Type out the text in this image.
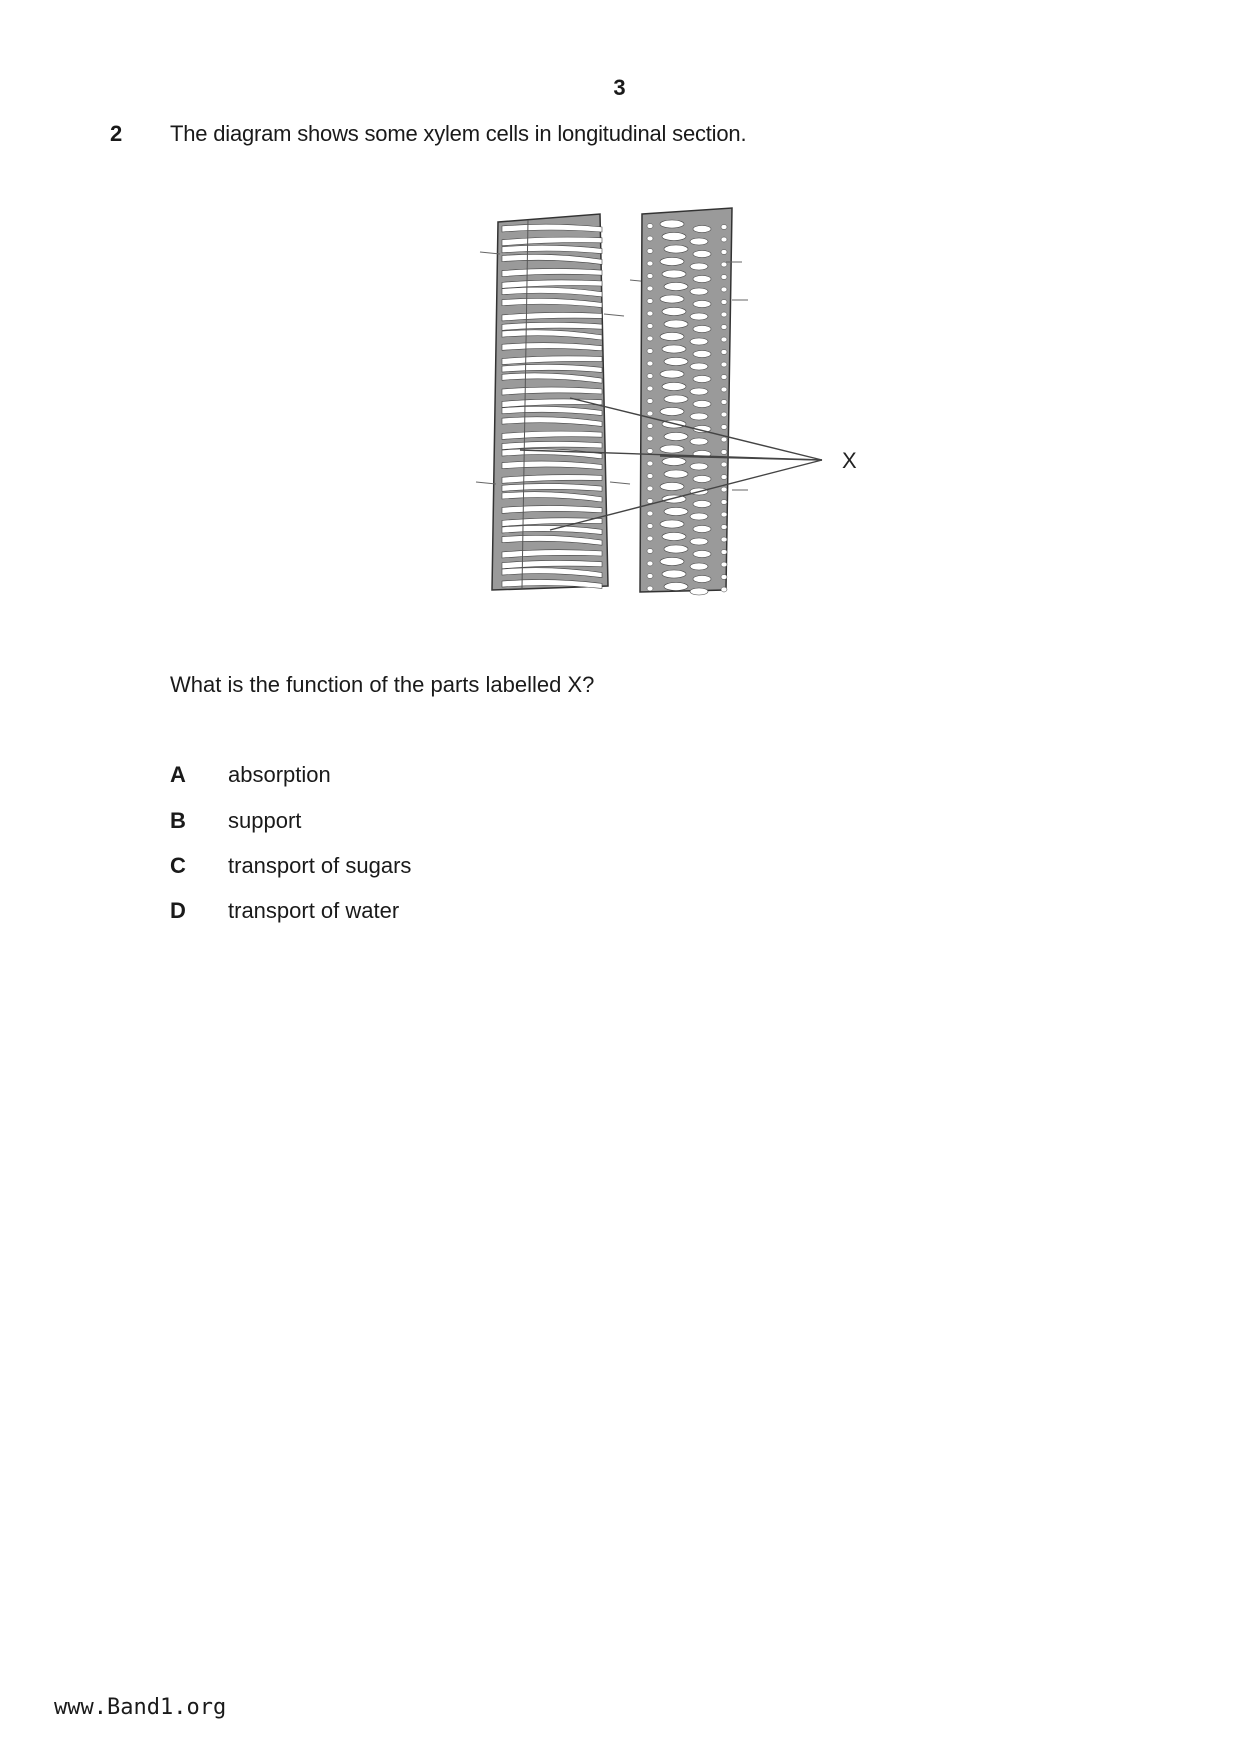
3
2 The diagram shows some xylem cells in longitudinal section.
X
What is the function of the parts labelled X?
A	absorption
B	support
C	transport of sugars
D	transport of water
www.Band1.org
